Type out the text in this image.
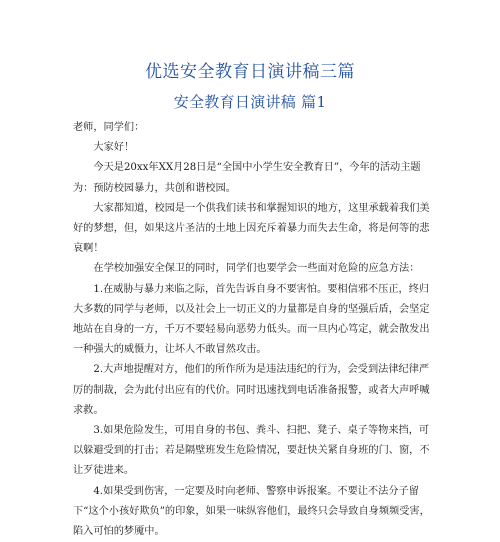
优选安全教育日演讲稿三篇
安全教育日演讲稿 篇1

老师，同学们：

大家好！

今天是20xx年XX月28日是“全国中小学生安全教育日”，今年的活动主题为：预防校园暴力，共创和谐校园。

大家都知道，校园是一个供我们读书和掌握知识的地方，这里承载着我们美好的梦想，但，如果这片圣洁的土地上因充斥着暴力而失去生命，将是何等的悲哀啊！

在学校加强安全保卫的同时，同学们也要学会一些面对危险的应急方法：

1.在威胁与暴力来临之际，首先告诉自身不要害怕。要相信邪不压正，终归大多数的同学与老师，以及社会上一切正义的力量都是自身的坚强后盾，会坚定地站在自身的一方，千万不要轻易向恶势力低头。而一旦内心笃定，就会散发出一种强大的威慑力，让坏人不敢冒然攻击。

2.大声地提醒对方，他们的所作所为是违法违纪的行为，会受到法律纪律严厉的制裁，会为此付出应有的代价。同时迅速找到电话准备报警，或者大声呼喊求救。

3.如果危险发生，可用自身的书包、粪斗、扫把、凳子、桌子等物来挡，可以躲避受到的打击；若是隔壁班发生危险情况，要赶快关紧自身班的门、窗，不让歹徒进来。

4.如果受到伤害，一定要及时向老师、警察申诉报案。不要让不法分子留下“这个小孩好欺负”的印象，如果一味纵容他们，最终只会导致自身频频受害，陷入可怕的梦魇中。
